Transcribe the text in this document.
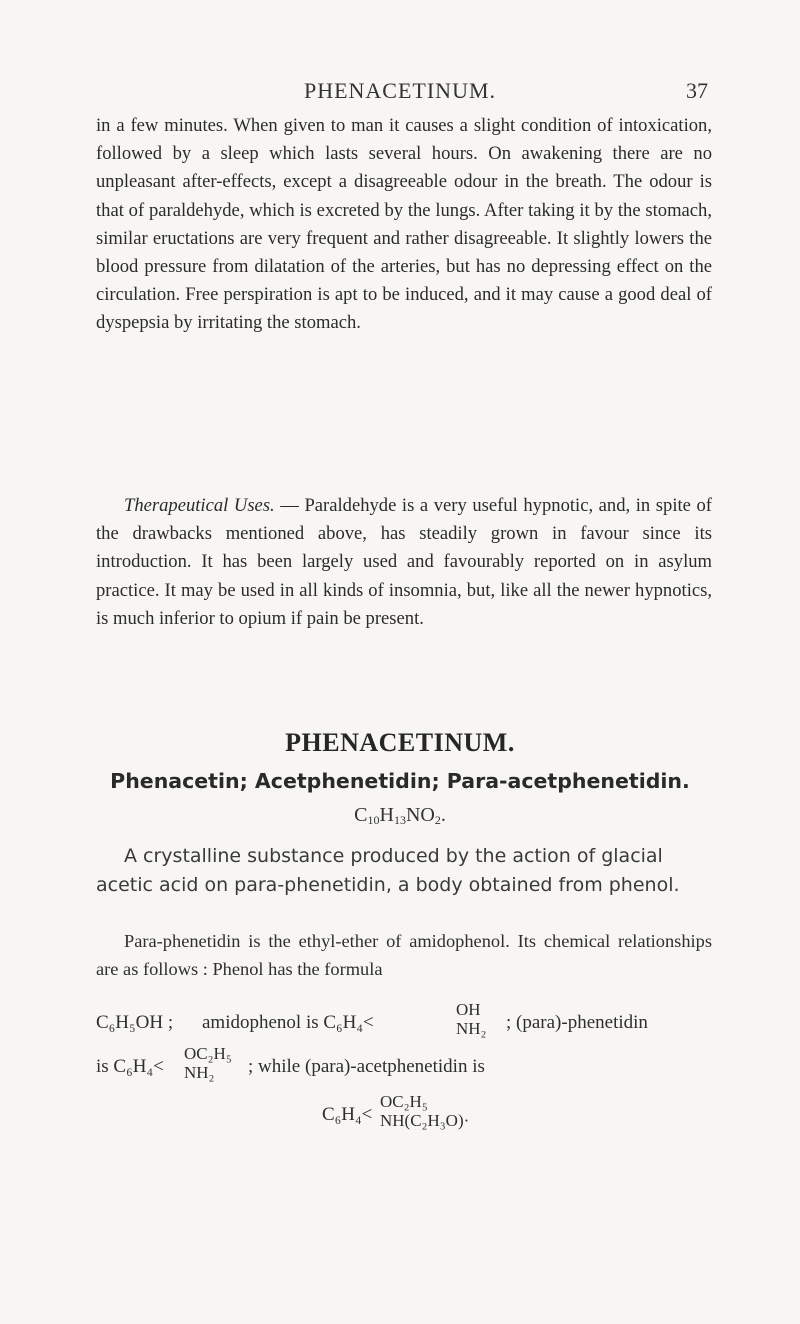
PHENACETINUM.	37

in a few minutes. When given to man it causes a slight condition of intoxication, followed by a sleep which lasts several hours. On awakening there are no unpleasant after-effects, except a disagreeable odour in the breath. The odour is that of paraldehyde, which is excreted by the lungs. After taking it by the stomach, similar eructations are very frequent and rather disagreeable. It slightly lowers the blood pressure from dilatation of the arteries, but has no depressing effect on the circulation. Free perspiration is apt to be induced, and it may cause a good deal of dyspepsia by irritating the stomach.

Therapeutical Uses. — Paraldehyde is a very useful hypnotic, and, in spite of the drawbacks mentioned above, has steadily grown in favour since its introduction. It has been largely used and favourably reported on in asylum practice. It may be used in all kinds of insomnia, but, like all the newer hypnotics, is much inferior to opium if pain be present.

PHENACETINUM.
Phenacetin; Acetphenetidin; Para-acetphenetidin.
$C_{10}H_{13}NO_2$.

A crystalline substance produced by the action of glacial acetic acid on para-phenetidin, a body obtained from phenol.

Para-phenetidin is the ethyl-ether of amidophenol. Its chemical relationships are as follows : Phenol has the formula

C₆H₅OH ; amidophenol is C₆H₄<
OH
NH₂ ; (para)-phenetidin
is C₆H₄<
OC₂H₅
NH₂	; while (para)-acetphenetidin is
C₆H₄<
OC₂H₅
NH(C₂H₃O)·
